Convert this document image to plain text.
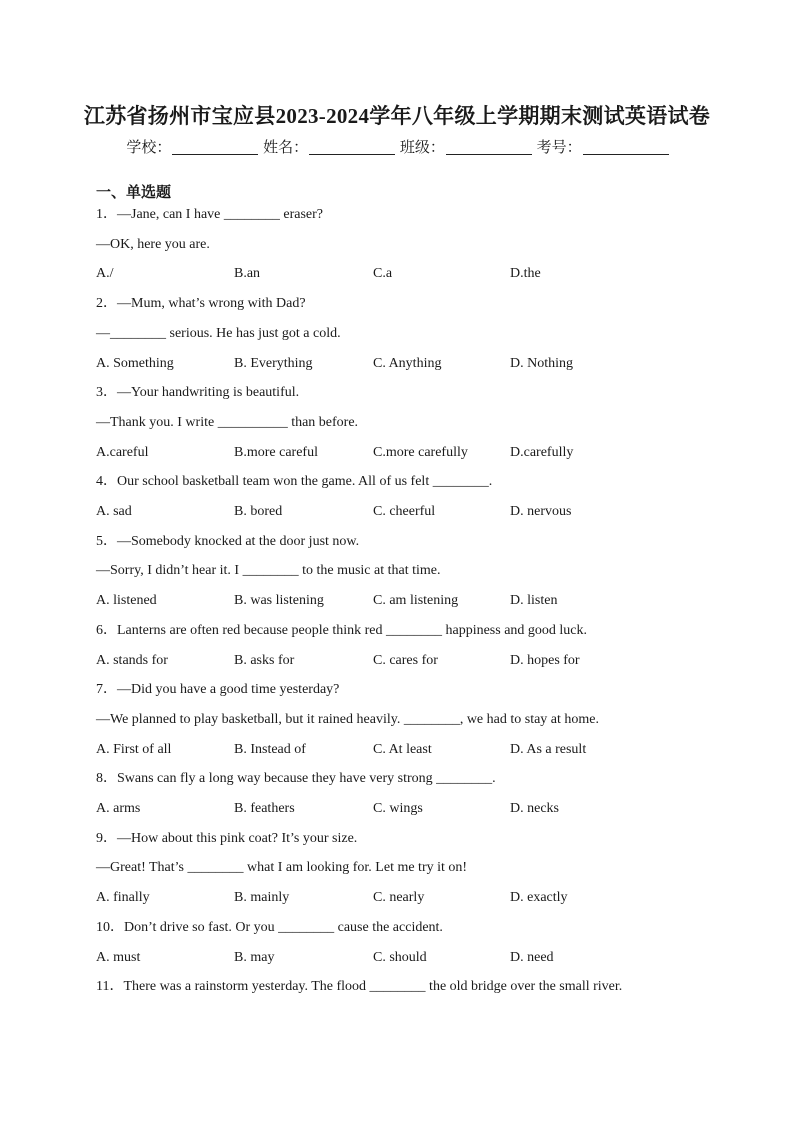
江苏省扬州市宝应县2023-2024学年八年级上学期期末测试英语试卷
学校：	姓名：	班级：	考号：
一、单选题
1．—Jane, can I have ________ eraser?
—OK, here you are.
A./	B.an	C.a	D.the
2．—Mum, what’s wrong with Dad?
—________ serious. He has just got a cold.
A. Something	B. Everything	C. Anything	D. Nothing
3．—Your handwriting is beautiful.
—Thank you. I write __________ than before.
A.careful	B.more careful	C.more carefully	D.carefully
4．Our school basketball team won the game. All of us felt ________.
A. sad	B. bored	C. cheerful	D. nervous
5．—Somebody knocked at the door just now.
—Sorry, I didn’t hear it. I ________ to the music at that time.
A. listened	B. was listening	C. am listening	D. listen
6．Lanterns are often red because people think red ________ happiness and good luck.
A. stands for	B. asks for	C. cares for	D. hopes for
7．—Did you have a good time yesterday?
—We planned to play basketball, but it rained heavily. ________, we had to stay at home.
A. First of all	B. Instead of	C. At least	D. As a result
8．Swans can fly a long way because they have very strong ________.
A. arms	B. feathers	C. wings	D. necks
9．—How about this pink coat? It’s your size.
—Great! That’s ________ what I am looking for. Let me try it on!
A. finally	B. mainly	C. nearly	D. exactly
10．Don’t drive so fast. Or you ________ cause the accident.
A. must	B. may	C. should	D. need
11．There was a rainstorm yesterday. The flood ________ the old bridge over the small river.
